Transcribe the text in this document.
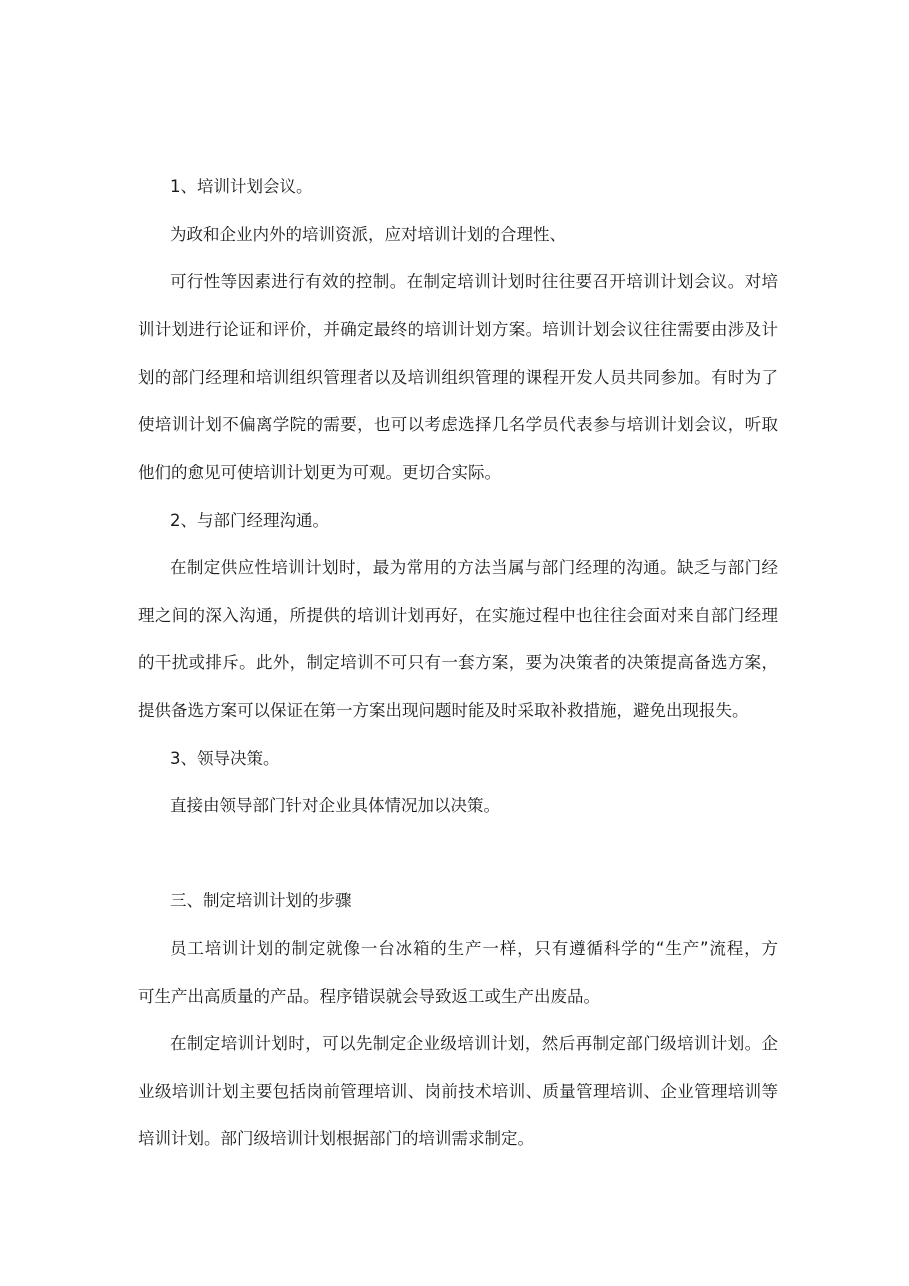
1、培训计划会议。
为政和企业内外的培训资派，应对培训计划的合理性、
可行性等因素进行有效的控制。在制定培训计划时往往要召开培训计划会议。对培
训计划进行论证和评价，并确定最终的培训计划方案。培训计划会议往往需要由涉及计
划的部门经理和培训组织管理者以及培训组织管理的课程开发人员共同参加。有时为了
使培训计划不偏离学院的需要，也可以考虑选择几名学员代表参与培训计划会议，听取
他们的愈见可使培训计划更为可观。更切合实际。
2、与部门经理沟通。
在制定供应性培训计划时，最为常用的方法当属与部门经理的沟通。缺乏与部门经
理之间的深入沟通，所提供的培训计划再好，在实施过程中也往往会面对来自部门经理
的干扰或排斥。此外，制定培训不可只有一套方案，要为决策者的决策提高备选方案，
提供备选方案可以保证在第一方案出现问题时能及时采取补救措施，避免出现报失。
3、领导决策。
直接由领导部门针对企业具体情况加以决策。
三、制定培训计划的步骤
员工培训计划的制定就像一台冰箱的生产一样，只有遵循科学的“生产”流程，方
可生产出高质量的产品。程序错误就会导致返工或生产出废品。
在制定培训计划时，可以先制定企业级培训计划，然后再制定部门级培训计划。企
业级培训计划主要包括岗前管理培训、岗前技术培训、质量管理培训、企业管理培训等
培训计划。部门级培训计划根据部门的培训需求制定。
